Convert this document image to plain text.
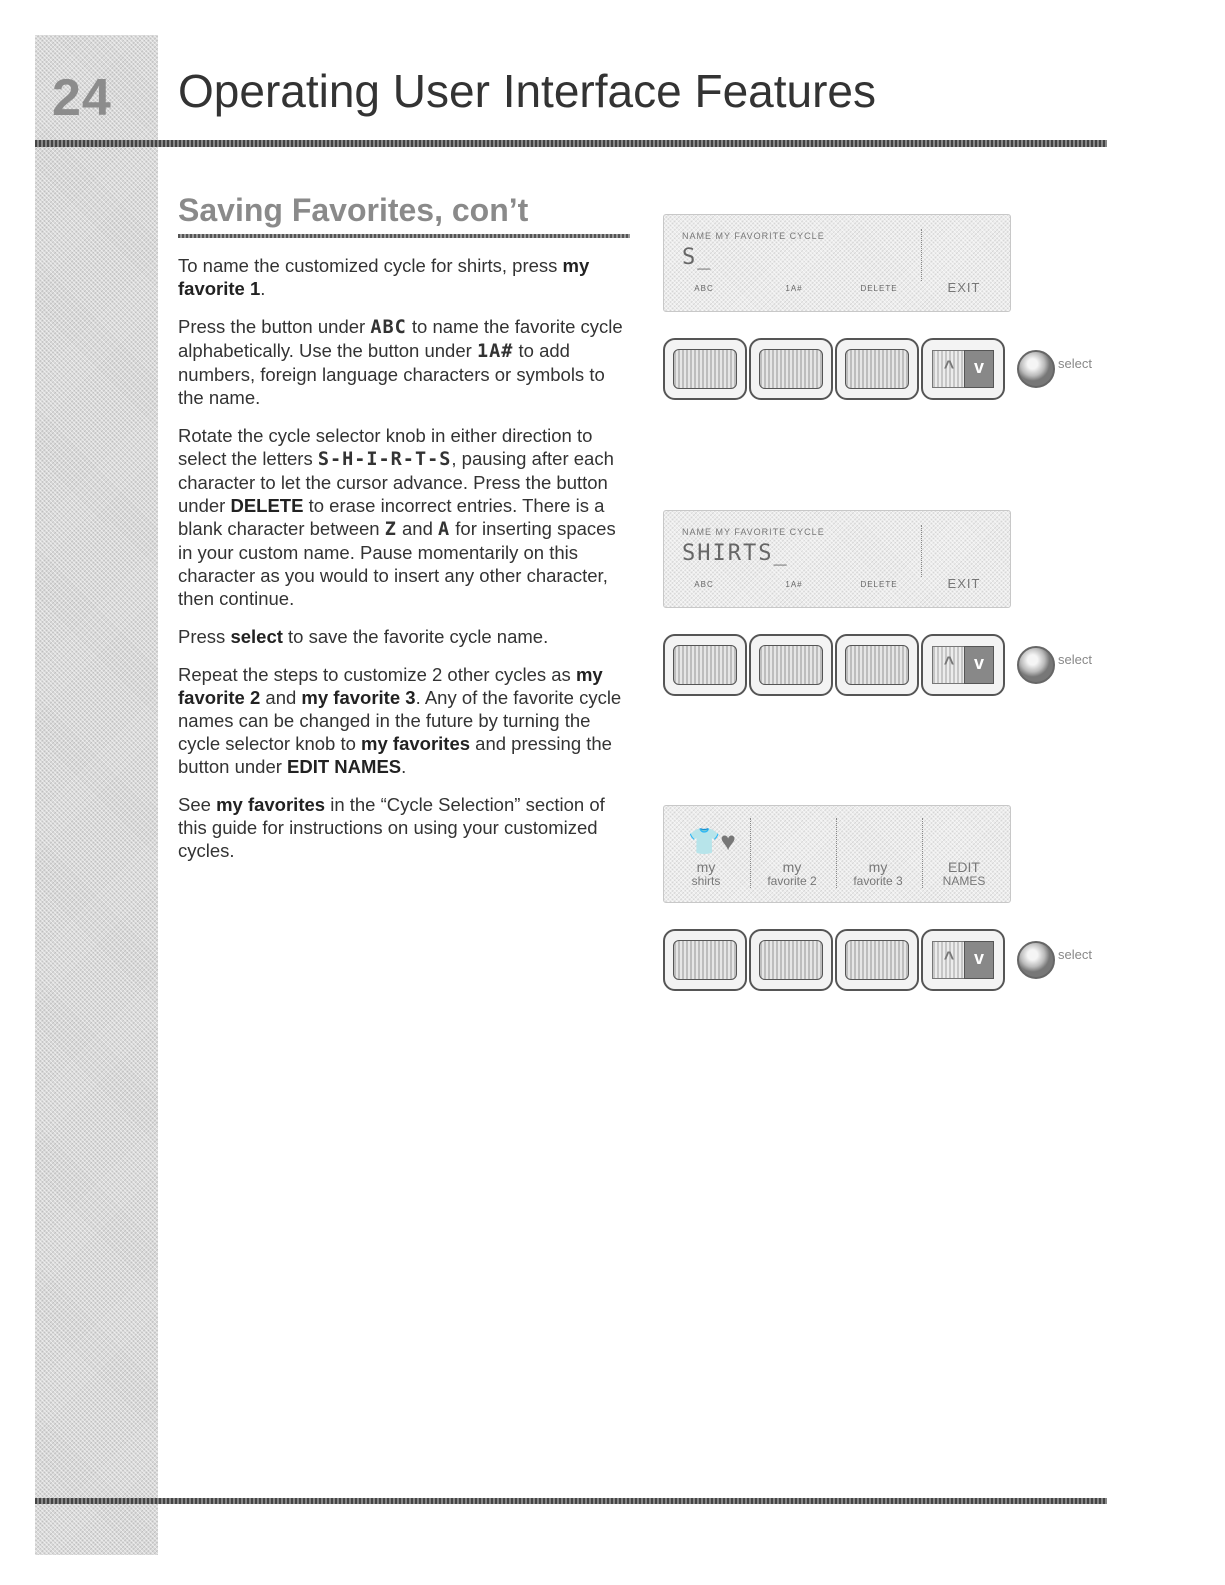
24 Operating User Interface Features
Saving Favorites, con’t

To name the customized cycle for shirts, press my favorite 1.

Press the button under ABC to name the favorite cycle alphabetically. Use the button under 1A# to add numbers, foreign language characters or symbols to the name.

Rotate the cycle selector knob in either direction to select the letters S-H-I-R-T-S, pausing after each character to let the cursor advance. Press the button under DELETE to erase incorrect entries. There is a blank character between Z and A for inserting spaces in your custom name. Pause momentarily on this character as you would to insert any other character, then continue.

Press select to save the favorite cycle name.

Repeat the steps to customize 2 other cycles as my favorite 2 and my favorite 3. Any of the favorite cycle names can be changed in the future by turning the cycle selector knob to my favorites and pressing the button under EDIT NAMES.

See my favorites in the “Cycle Selection” section of this guide for instructions on using your customized cycles.

NAME MY FAVORITE CYCLE
S_
ABC	1A#	DELETE	EXIT
^	v	select
NAME MY FAVORITE CYCLE
SHIRTS_
ABC	1A#	DELETE	EXIT
^	v	select
👕♥
my
shirts
my
favorite 2
my
favorite 3
EDIT
NAMES
^	v	select
